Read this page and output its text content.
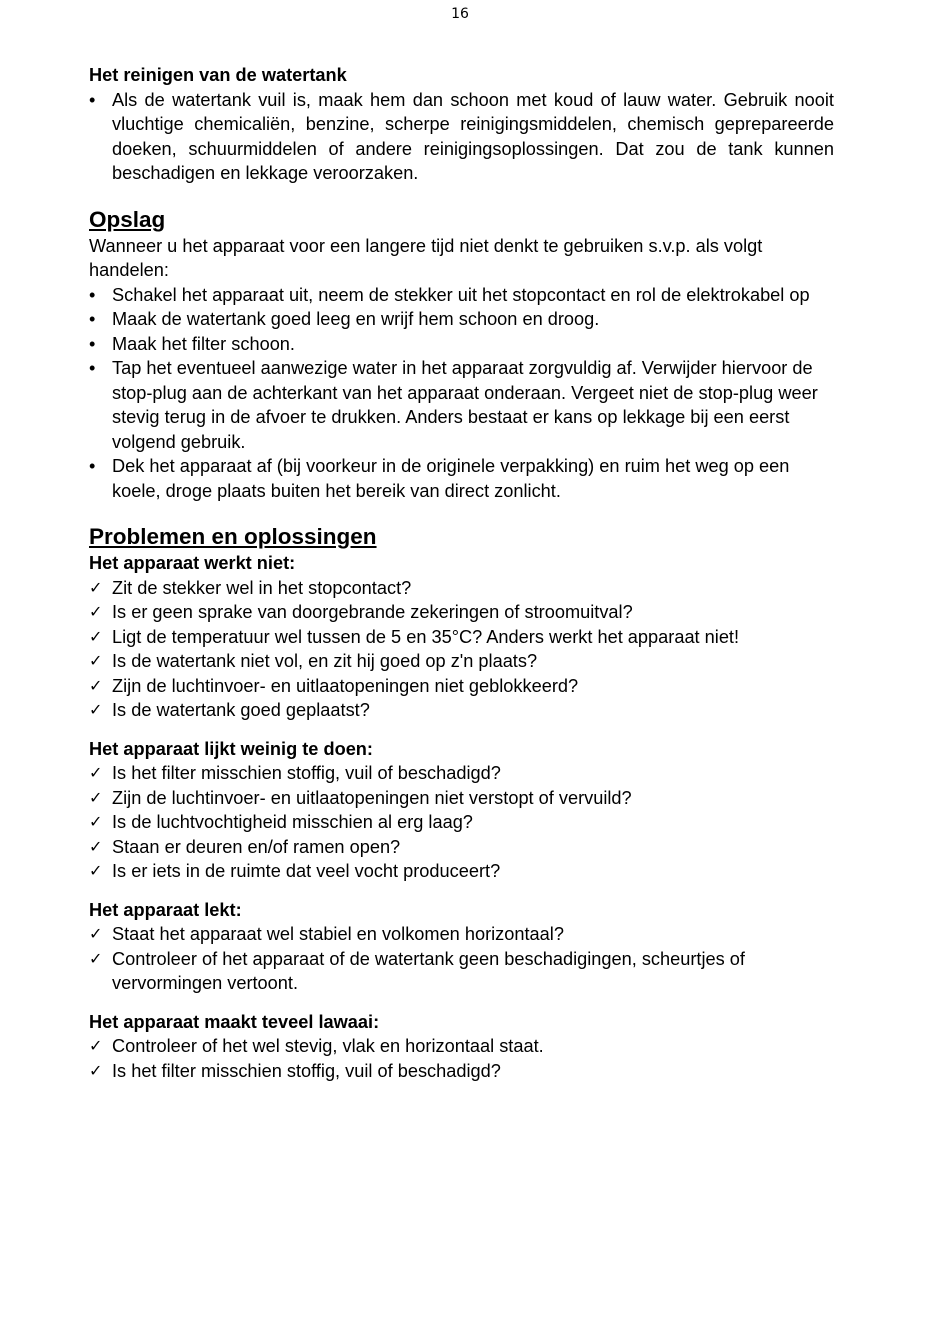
16
Het reinigen van de watertank
• Als de watertank vuil is, maak hem dan schoon met koud of lauw water. Gebruik nooit vluchtige chemicaliën, benzine, scherpe reinigingsmiddelen, chemisch geprepareerde doeken, schuurmiddelen of andere reinigingsoplossingen. Dat zou de tank kunnen beschadigen en lekkage veroorzaken.
Opslag
Wanneer u het apparaat voor een langere tijd niet denkt te gebruiken s.v.p. als volgt handelen:
• Schakel het apparaat uit, neem de stekker uit het stopcontact en rol de elektrokabel op
• Maak de watertank goed leeg en wrijf hem schoon en droog.
• Maak het filter schoon.
• Tap het eventueel aanwezige water in het apparaat zorgvuldig af. Verwijder hiervoor de stop-plug aan de achterkant van het apparaat onderaan. Vergeet niet de stop-plug weer stevig terug in de afvoer te drukken. Anders bestaat er kans op lekkage bij een eerst volgend gebruik.
• Dek het apparaat af (bij voorkeur in de originele verpakking) en ruim het weg op een koele, droge plaats buiten het bereik van direct zonlicht.
Problemen en oplossingen
Het apparaat werkt niet:
✓ Zit de stekker wel in het stopcontact?
✓ Is er geen sprake van doorgebrande zekeringen of stroomuitval?
✓ Ligt de temperatuur wel tussen de 5 en 35°C? Anders werkt het apparaat niet!
✓ Is de watertank niet vol, en zit hij goed op z'n plaats?
✓ Zijn de luchtinvoer- en uitlaatopeningen niet geblokkeerd?
✓ Is de watertank goed geplaatst?
Het apparaat lijkt weinig te doen:
✓ Is het filter misschien stoffig, vuil of beschadigd?
✓ Zijn de luchtinvoer- en uitlaatopeningen niet verstopt of vervuild?
✓ Is de luchtvochtigheid misschien al erg laag?
✓ Staan er deuren en/of ramen open?
✓ Is er iets in de ruimte dat veel vocht produceert?
Het apparaat lekt:
✓ Staat het apparaat wel stabiel en volkomen horizontaal?
✓ Controleer of het apparaat of de watertank geen beschadigingen, scheurtjes of vervormingen vertoont.
Het apparaat maakt teveel lawaai:
✓ Controleer of het wel stevig, vlak en horizontaal staat.
✓ Is het filter misschien stoffig, vuil of beschadigd?
